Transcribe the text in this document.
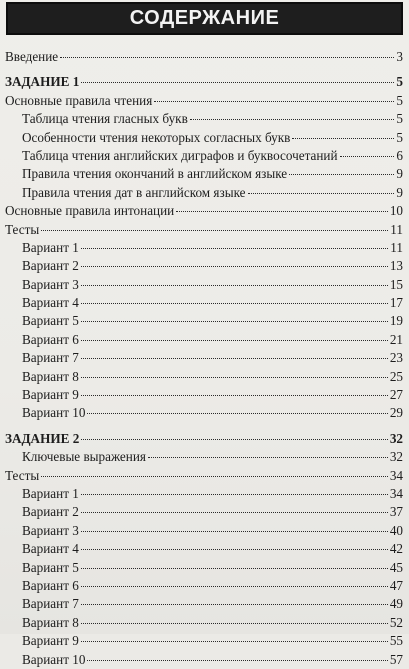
СОДЕРЖАНИЕ
Введение	3
ЗАДАНИЕ 1	5
Основные правила чтения	5
Таблица чтения гласных букв	5
Особенности чтения некоторых согласных букв	5
Таблица чтения английских диграфов и буквосочетаний	6
Правила чтения окончаний в английском языке	9
Правила чтения дат в английском языке	9
Основные правила интонации	10
Тесты	11
Вариант 1	11
Вариант 2	13
Вариант 3	15
Вариант 4	17
Вариант 5	19
Вариант 6	21
Вариант 7	23
Вариант 8	25
Вариант 9	27
Вариант 10	29
ЗАДАНИЕ 2	32
Ключевые выражения	32
Тесты	34
Вариант 1	34
Вариант 2	37
Вариант 3	40
Вариант 4	42
Вариант 5	45
Вариант 6	47
Вариант 7	49
Вариант 8	52
Вариант 9	55
Вариант 10	57
